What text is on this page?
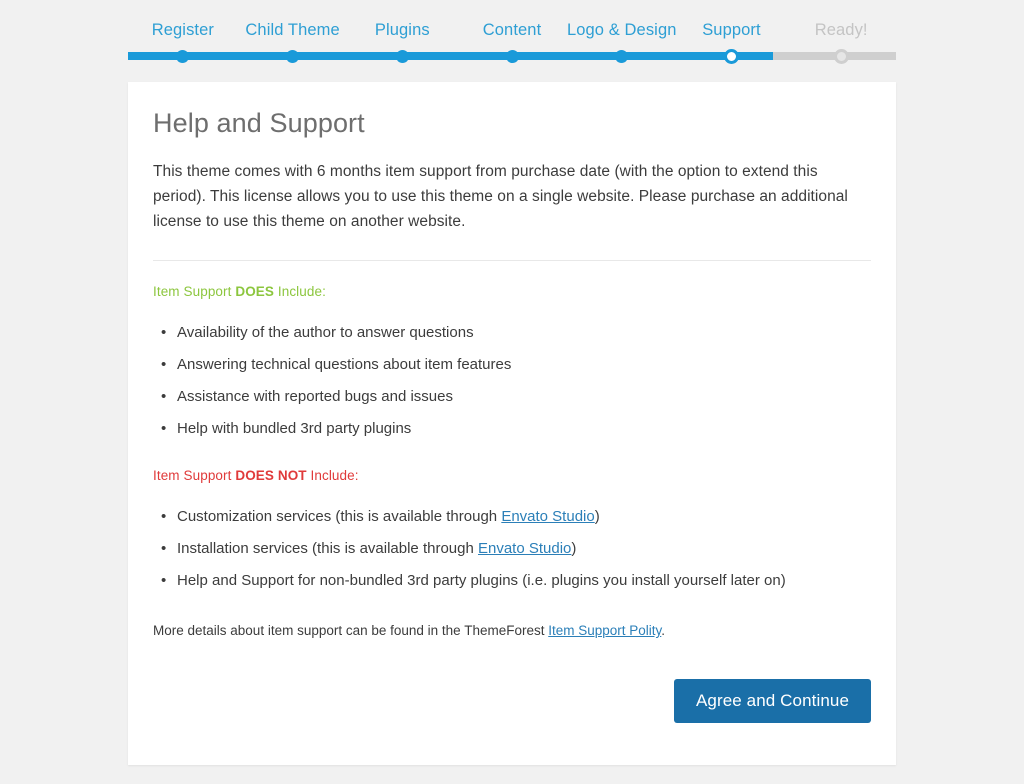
Register	Child Theme	Plugins	Content	Logo & Design	Support	Ready!
Help and Support

This theme comes with 6 months item support from purchase date (with the option to extend this period). This license allows you to use this theme on a single website. Please purchase an additional license to use this theme on another website.

Item Support DOES Include:

• Availability of the author to answer questions
• Answering technical questions about item features
• Assistance with reported bugs and issues
• Help with bundled 3rd party plugins

Item Support DOES NOT Include:

• Customization services (this is available through Envato Studio)
• Installation services (this is available through Envato Studio)
• Help and Support for non-bundled 3rd party plugins (i.e. plugins you install yourself later on)

More details about item support can be found in the ThemeForest Item Support Polity.

Agree and Continue
